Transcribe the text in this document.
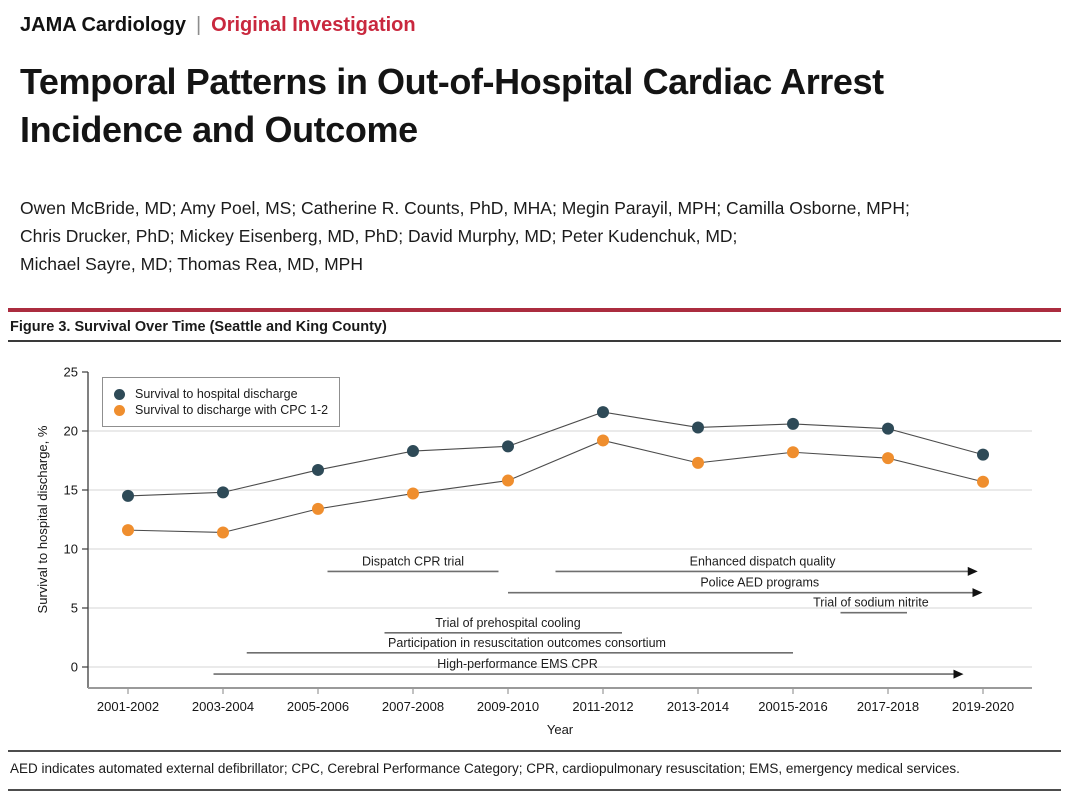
JAMA Cardiology | Original Investigation
Temporal Patterns in Out-of-Hospital Cardiac Arrest
Incidence and Outcome
Owen McBride, MD; Amy Poel, MS; Catherine R. Counts, PhD, MHA; Megin Parayil, MPH; Camilla Osborne, MPH;
Chris Drucker, PhD; Mickey Eisenberg, MD, PhD; David Murphy, MD; Peter Kudenchuk, MD;
Michael Sayre, MD; Thomas Rea, MD, MPH
Figure 3. Survival Over Time (Seattle and King County)
0
5
10
15
20
25
2001-2002	2003-2004	2005-2006	2007-2008	2009-2010	2011-2012	2013-2014 20015-2016 2017-2018	2019-2020
Year
Survival to hospital discharge, %	Dispatch CPR trial	Enhanced dispatch quality
Police AED programs
Trial of sodium nitrite
Trial of prehospital cooling
Participation in resuscitation outcomes consortium
High-performance EMS CPR
Survival to hospital discharge
Survival to discharge with CPC 1-2
AED indicates automated external defibrillator; CPC, Cerebral Performance Category; CPR, cardiopulmonary resuscitation; EMS, emergency medical services.
